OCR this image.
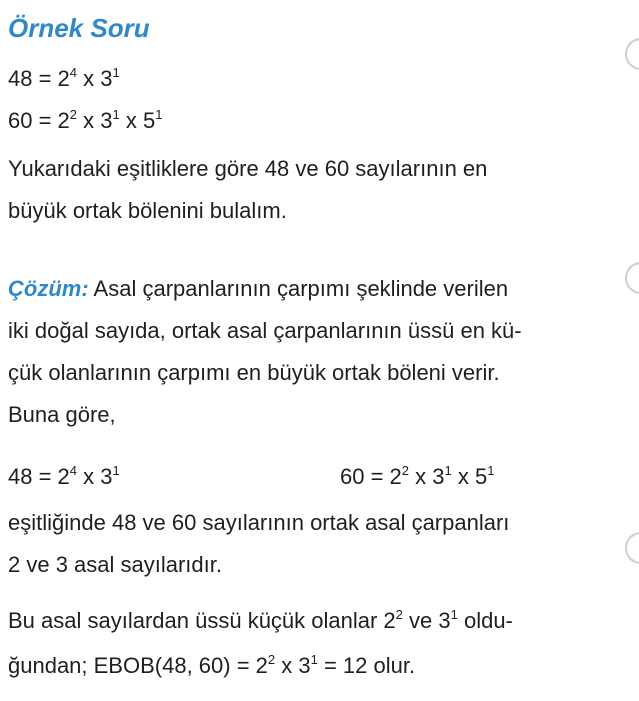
Örnek Soru
$48 = 2^4$ x $3^1$
$60 = 2^2$ x $3^1$ x $5^1$
Yukarıdaki eşitliklere göre 48 ve 60 sayılarının en
büyük ortak bölenini bulalım.
Çözüm: Asal çarpanlarının çarpımı şeklinde verilen
iki doğal sayıda, ortak asal çarpanlarının üssü en kü-
çük olanlarının çarpımı en büyük ortak böleni verir.
Buna göre,
$48 = 2^4$ x $3^1$	$60 = 2^2$ x $3^1$ x $5^1$
eşitliğinde 48 ve 60 sayılarının ortak asal çarpanları
2 ve 3 asal sayılarıdır.
Bu asal sayılardan üssü küçük olanlar $2^2$ ve $3^1$ oldu-
ğundan; EBOB(48, $60) = 2^2$ x $3^1 = 12$ olur.
